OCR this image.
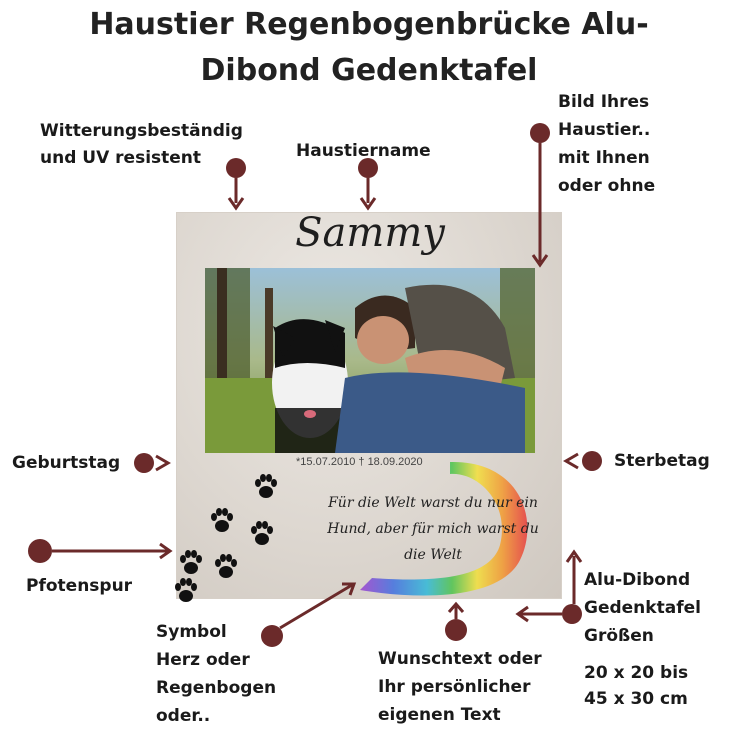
Haustier Regenbogenbrücke Alu-
Dibond Gedenktafel
Sammy
*15.07.2010 † 18.09.2020
Für die Welt warst du nur ein
Hund, aber für mich warst du
die Welt
Witterungsbeständig
und UV resistent	Haustiername
Bild Ihres
Haustier..
mit Ihnen
oder ohne
Geburtstag	Sterbetag
Pfotenspur
Symbol
Herz oder
Regenbogen
oder..
Wunschtext oder
Ihr persönlicher
eigenen Text
Alu-Dibond
Gedenktafel
Größen
20 x 20 bis
45 x 30 cm
